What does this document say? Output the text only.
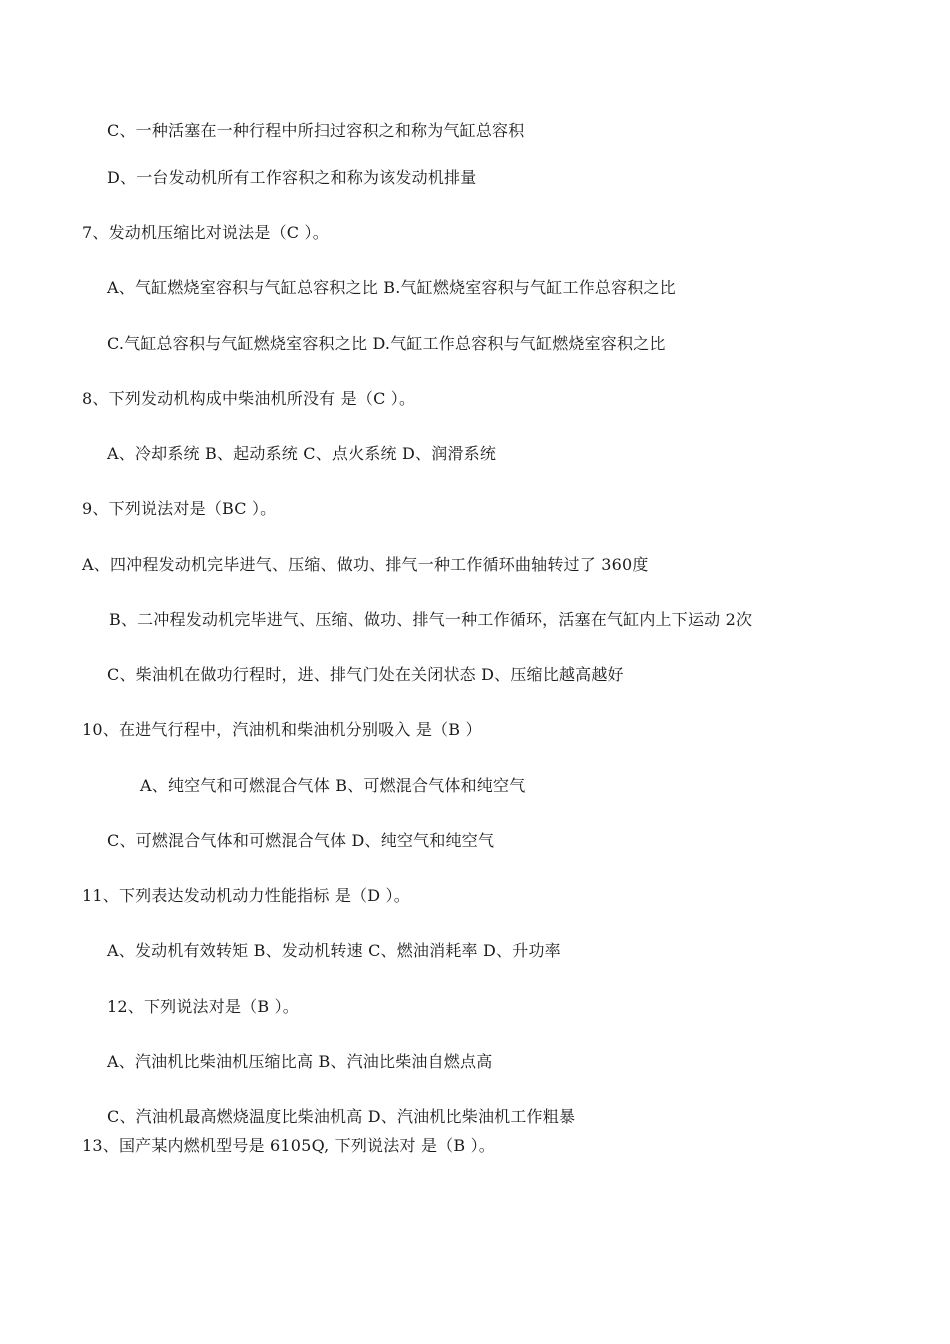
C、一种活塞在一种行程中所扫过容积之和称为气缸总容积
D、一台发动机所有工作容积之和称为该发动机排量
7、发动机压缩比对说法是（C ）。
A、气缸燃烧室容积与气缸总容积之比 B.气缸燃烧室容积与气缸工作总容积之比
C.气缸总容积与气缸燃烧室容积之比 D.气缸工作总容积与气缸燃烧室容积之比
8、下列发动机构成中柴油机所没有 是（C ）。
A、冷却系统 B、起动系统 C、点火系统 D、润滑系统
9、下列说法对是（BC ）。
A、四冲程发动机完毕进气、压缩、做功、排气一种工作循环曲轴转过了 360度
B、二冲程发动机完毕进气、压缩、做功、排气一种工作循环，活塞在气缸内上下运动 2次
C、柴油机在做功行程时，进、排气门处在关闭状态 D、压缩比越高越好
10、在进气行程中，汽油机和柴油机分别吸入 是（B ）
A、纯空气和可燃混合气体 B、可燃混合气体和纯空气
C、可燃混合气体和可燃混合气体 D、纯空气和纯空气
11、下列表达发动机动力性能指标 是（D ）。
A、发动机有效转矩 B、发动机转速 C、燃油消耗率 D、升功率
12、下列说法对是（B ）。
A、汽油机比柴油机压缩比高 B、汽油比柴油自燃点高
C、汽油机最高燃烧温度比柴油机高 D、汽油机比柴油机工作粗暴
13、国产某内燃机型号是 6105Q, 下列说法对 是（B ）。
